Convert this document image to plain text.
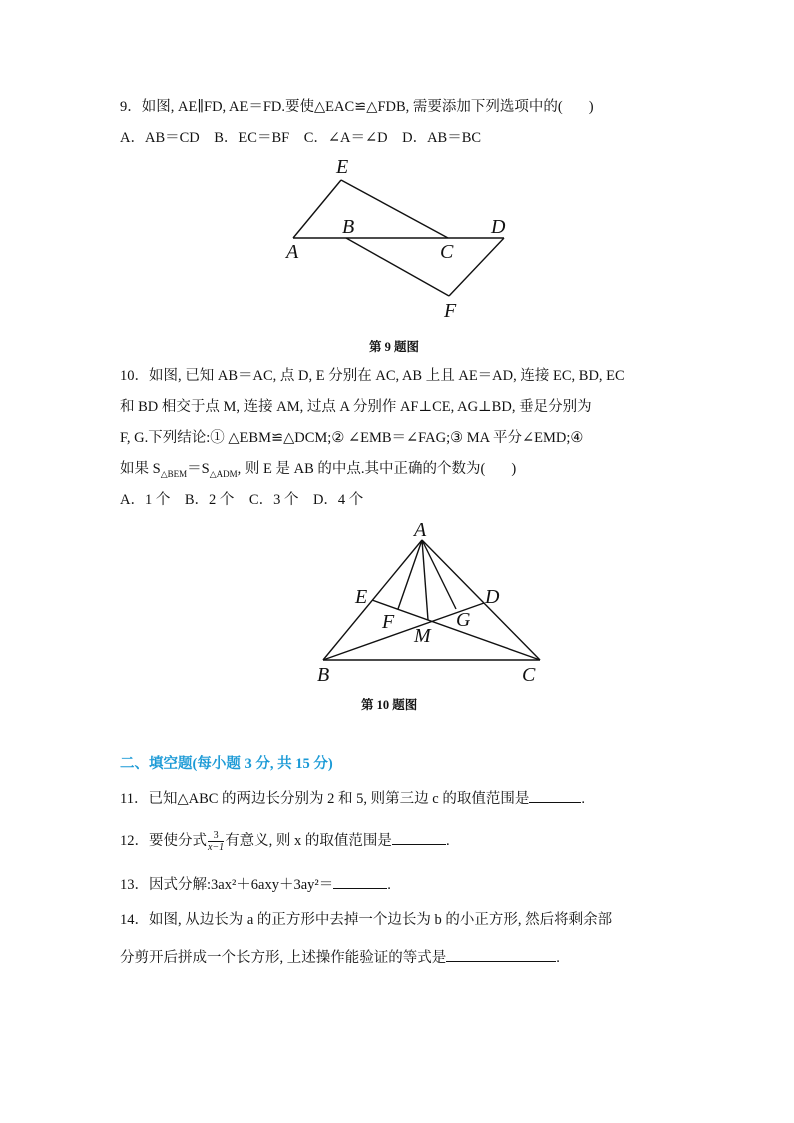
9．如图, AE∥FD, AE＝FD.要使△EAC≌△FDB, 需要添加下列选项中的( )
A．AB＝CD　B．EC＝BF　C．∠A＝∠D　D．AB＝BC
E
B	D
A	C
F
A
E	D
F	G
M
B	C
第 9 题图
10．如图, 已知 AB＝AC, 点 D, E 分别在 AC, AB 上且 AE＝AD, 连接 EC, BD, EC
和 BD 相交于点 M, 连接 AM, 过点 A 分别作 AF⊥CE, AG⊥BD, 垂足分别为
F, G.下列结论:① △EBM≌△DCM;② ∠EMB＝∠FAG;③ MA 平分∠EMD;④
如果 $S_{\triangle BEM}=S_{\triangle ADM}$, 则 E 是 AB 的中点.其中正确的个数为( )
A．1 个　B．2 个　C．3 个　D．4 个
第 10 题图
二、填空题(每小题 3 分, 共 15 分)
11．已知△ABC 的两边长分别为 2 和 5, 则第三边 c 的取值范围是	.
12．要使分式 $\frac{3}{x-1}$ 有意义, 则 x 的取值范围是	.
13．因式分解:3ax²＋6axy＋3ay²＝	.
14．如图, 从边长为 a 的正方形中去掉一个边长为 b 的小正方形, 然后将剩余部
分剪开后拼成一个长方形, 上述操作能验证的等式是	.
